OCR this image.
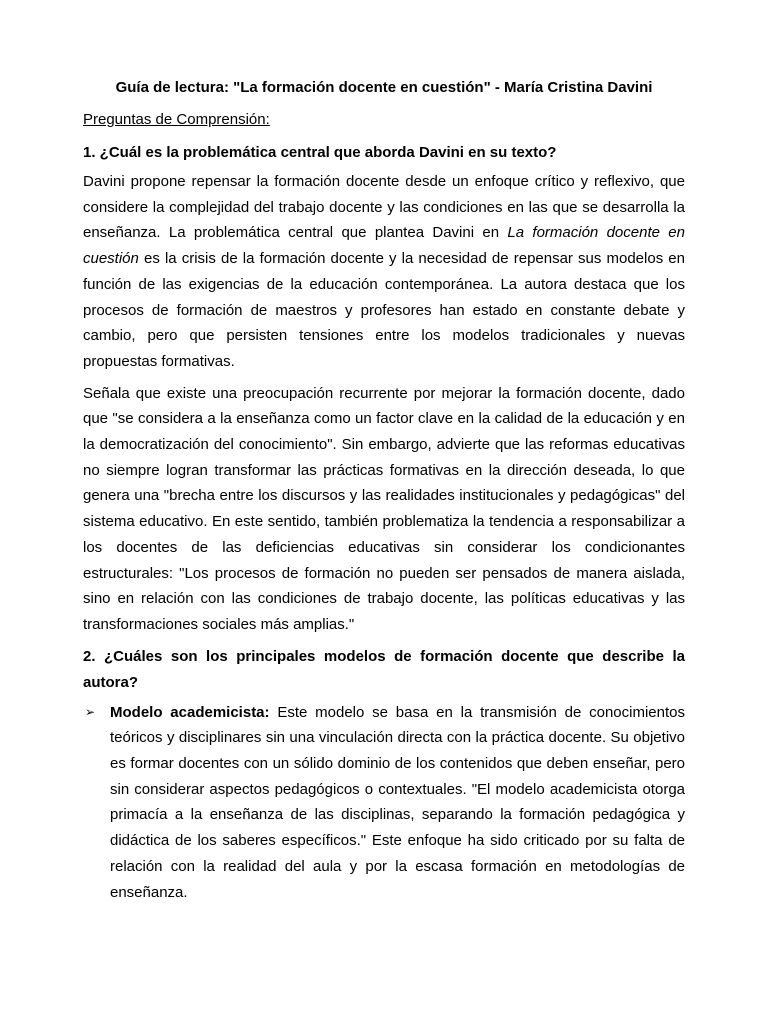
Guía de lectura: "La formación docente en cuestión" - María Cristina Davini
Preguntas de Comprensión:
1. ¿Cuál es la problemática central que aborda Davini en su texto?

Davini propone repensar la formación docente desde un enfoque crítico y reflexivo, que considere la complejidad del trabajo docente y las condiciones en las que se desarrolla la enseñanza. La problemática central que plantea Davini en La formación docente en cuestión es la crisis de la formación docente y la necesidad de repensar sus modelos en función de las exigencias de la educación contemporánea. La autora destaca que los procesos de formación de maestros y profesores han estado en constante debate y cambio, pero que persisten tensiones entre los modelos tradicionales y nuevas propuestas formativas.

Señala que existe una preocupación recurrente por mejorar la formación docente, dado que "se considera a la enseñanza como un factor clave en la calidad de la educación y en la democratización del conocimiento". Sin embargo, advierte que las reformas educativas no siempre logran transformar las prácticas formativas en la dirección deseada, lo que genera una "brecha entre los discursos y las realidades institucionales y pedagógicas" del sistema educativo. En este sentido, también problematiza la tendencia a responsabilizar a los docentes de las deficiencias educativas sin considerar los condicionantes estructurales: "Los procesos de formación no pueden ser pensados de manera aislada, sino en relación con las condiciones de trabajo docente, las políticas educativas y las transformaciones sociales más amplias."

2. ¿Cuáles son los principales modelos de formación docente que describe la autora?
➢ Modelo academicista: Este modelo se basa en la transmisión de conocimientos teóricos y disciplinares sin una vinculación directa con la práctica docente. Su objetivo es formar docentes con un sólido dominio de los contenidos que deben enseñar, pero sin considerar aspectos pedagógicos o contextuales. "El modelo academicista otorga primacía a la enseñanza de las disciplinas, separando la formación pedagógica y didáctica de los saberes específicos." Este enfoque ha sido criticado por su falta de relación con la realidad del aula y por la escasa formación en metodologías de enseñanza.
